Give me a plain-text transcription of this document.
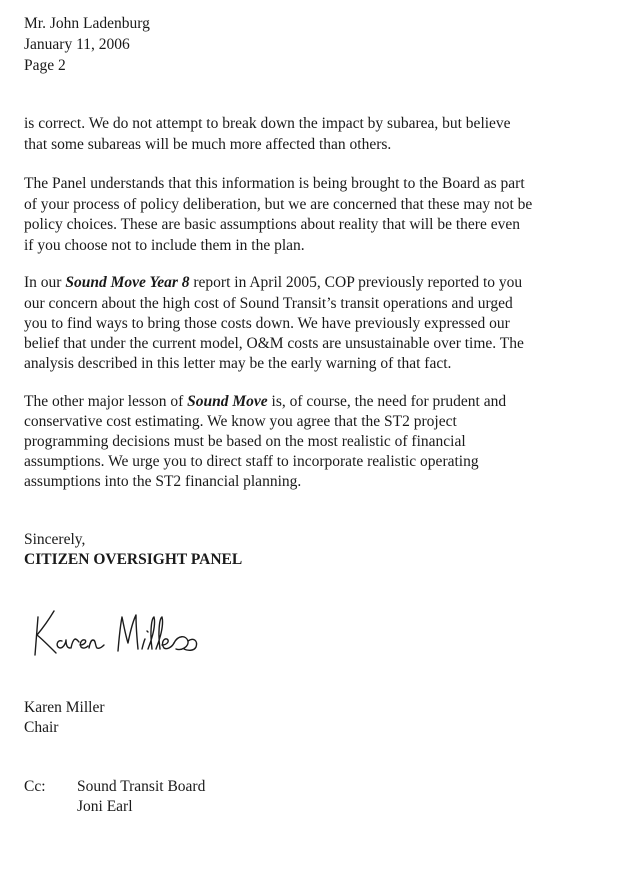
Mr. John Ladenburg
January 11, 2006
Page 2
is correct. We do not attempt to break down the impact by subarea, but believe
that some subareas will be much more affected than others.
The Panel understands that this information is being brought to the Board as part
of your process of policy deliberation, but we are concerned that these may not be
policy choices. These are basic assumptions about reality that will be there even
if you choose not to include them in the plan.
In our Sound Move Year 8 report in April 2005, COP previously reported to you
our concern about the high cost of Sound Transit’s transit operations and urged
you to find ways to bring those costs down. We have previously expressed our
belief that under the current model, O&M costs are unsustainable over time. The
analysis described in this letter may be the early warning of that fact.
The other major lesson of Sound Move is, of course, the need for prudent and
conservative cost estimating. We know you agree that the ST2 project
programming decisions must be based on the most realistic of financial
assumptions. We urge you to direct staff to incorporate realistic operating
assumptions into the ST2 financial planning.
Sincerely,
CITIZEN OVERSIGHT PANEL
Karen Miller
Chair
Cc: Sound Transit Board
Joni Earl
